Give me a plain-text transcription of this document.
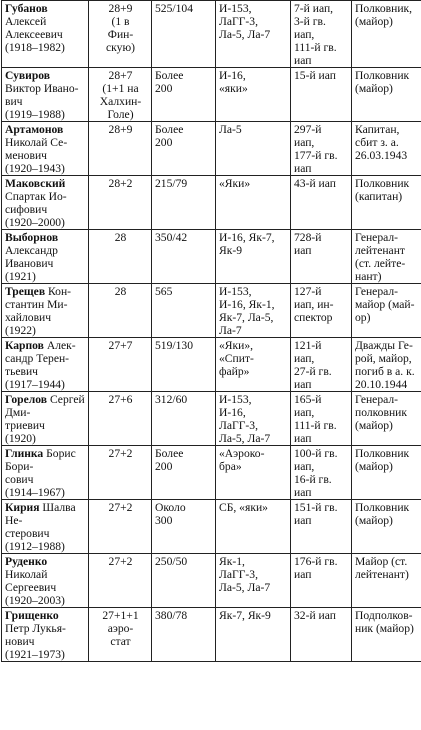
Губанов Алексей
Алексеевич
(1918–1982)	28+9
(1 в
Фин-
скую)	525/104	И-153,
ЛаГГ-3,
Ла-5, Ла-7	7-й иап,
3-й гв.
иап,
111-й гв.
иап	Полковник,
(майор)

Сувиров Виктор Ивано-
вич
(1919–1988)	28+7
(1+1 на
Халхин-
Голе)	Более
200	И-16,
«яки»	15-й иап	Полковник
(майор)

Артамонов Николай Се-
менович
(1920–1943)	28+9	Более
200	Ла-5	297-й
иап,
177-й гв.
иап	Капитан,
сбит з. а.
26.03.1943

Маковский Спартак Ио-
сифович
(1920–2000)	28+2	215/79	«Яки»	43-й иап	Полковник
(капитан)

Выборнов Александр
Иванович
(1921)	28	350/42	И-16, Як-7,
Як-9	728-й
иап	Генерал-
лейтенант
(ст. лейте-
нант)

Трещев Кон-
стантин Ми-
хайлович
(1922)	28	565	И-153,
И-16, Як-1,
Як-7, Ла-5,
Ла-7	127-й
иап, ин-
спектор	Генерал-
майор (май-
ор)

Карпов Алек-
сандр Терен-
тьевич
(1917–1944)	27+7	519/130	«Яки»,
«Спит-
файр»	121-й
иап,
27-й гв.
иап	Дважды Ге-
рой, майор,
погиб в а. к.
20.10.1944

Горелов Сергей Дми-
триевич
(1920)	27+6	312/60	И-153,
И-16,
ЛаГГ-3,
Ла-5, Ла-7	165-й
иап,
111-й гв.
иап	Генерал-
полковник
(майор)

Глинка Борис Бори-
сович
(1914–1967)	27+2	Более
200	«Аэроко-
бра»	100-й гв.
иап,
16-й гв.
иап	Полковник
(майор)

Кирия Шалва Не-
стерович
(1912–1988)	27+2	Около
300	СБ, «яки»	151-й гв.
иап	Полковник
(майор)

Руденко Николай
Сергеевич
(1920–2003)	27+2	250/50	Як-1,
ЛаГГ-3,
Ла-5, Ла-7	176-й гв.
иап	Майор (ст.
лейтенант)

Грищенко Петр Лукья-
нович
(1921–1973)	27+1+1
аэро-
стат	380/78	Як-7, Як-9	32-й иап	Подполков-
ник (майор)
